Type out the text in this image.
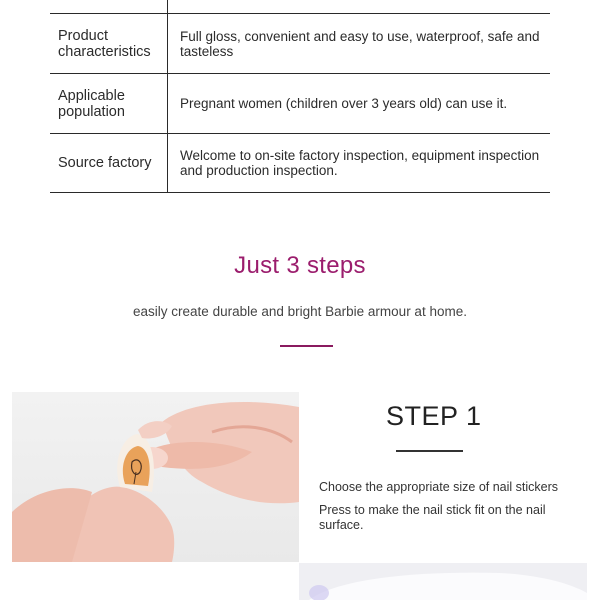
Product characteristics	Full gloss, convenient and easy to use, waterproof, safe and tasteless
Applicable population	Pregnant women (children over 3 years old) can use it.
Source factory	Welcome to on-site factory inspection, equipment inspection and production inspection.
Just 3 steps
easily create durable and bright Barbie armour at home.
STEP 1
Choose the appropriate size of nail stickers
Press to make the nail stick fit on the nail surface.
